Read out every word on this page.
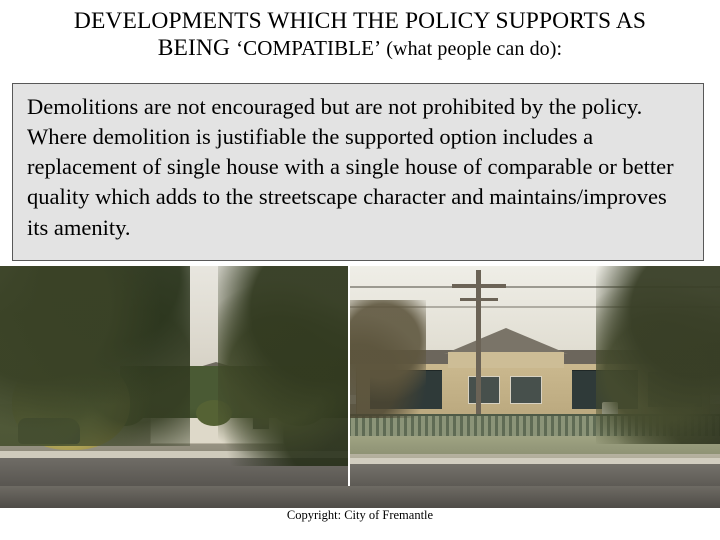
DEVELOPMENTS WHICH THE POLICY SUPPORTS AS
BEING ‘COMPATIBLE’ (what people can do):

Demolitions are not encouraged but are not prohibited by the policy. Where demolition is justifiable the supported option includes a replacement of single house with a single house of comparable or better quality which adds to the streetscape character and maintains/improves its amenity.

Copyright: City of Fremantle
